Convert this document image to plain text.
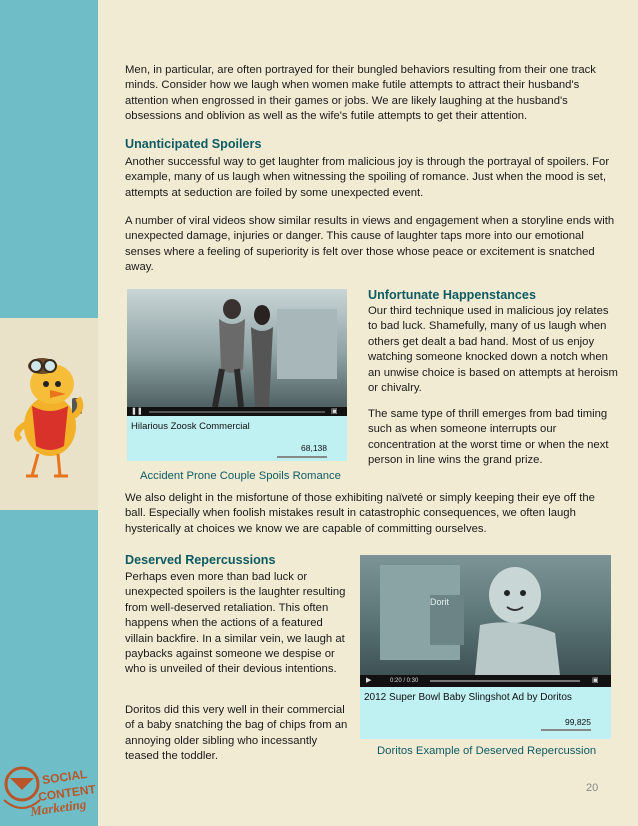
Men, in particular, are often portrayed for their bungled behaviors resulting from their one track minds. Consider how we laugh when women make futile attempts to attract their husband's attention when engrossed in their games or jobs. We are likely laughing at the husband's obsessions and oblivion as well as the wife's futile attempts to get their attention.

Unanticipated Spoilers

Another successful way to get laughter from malicious joy is through the portrayal of spoilers. For example, many of us laugh when witnessing the spoiling of romance. Just when the mood is set, attempts at seduction are foiled by some unexpected event.

A number of viral videos show similar results in views and engagement when a storyline ends with unexpected damage, injuries or danger. This cause of laughter taps more into our emotional senses where a feeling of superiority is felt over those whose peace or excitement is snatched away.

❚❚	▣
Hilarious Zoosk Commercial
68,138
Accident Prone Couple Spoils Romance
Unfortunate Happenstances

Our third technique used in malicious joy relates to bad luck. Shamefully, many of us laugh when others get dealt a bad hand. Most of us enjoy watching someone knocked down a notch when an unwise choice is based on attempts at heroism or chivalry.

The same type of thrill emerges from bad timing such as when someone interrupts our concentration at the worst time or when the next person in line wins the grand prize.

We also delight in the misfortune of those exhibiting naïveté or simply keeping their eye off the ball. Especially when foolish mistakes result in catastrophic consequences, we often laugh hysterically at choices we know we are capable of committing ourselves.

Deserved Repercussions

Perhaps even more than bad luck or unexpected spoilers is the laughter resulting from well-deserved retaliation. This often happens when the actions of a featured villain backfire. In a similar vein, we laugh at paybacks against someone we despise or who is unveiled of their devious intentions.

Doritos did this very well in their commercial of a baby snatching the bag of chips from an annoying older sibling who incessantly teased the toddler.

Dorit
▶	0:20 / 0:30	▣
2012 Super Bowl Baby Slingshot Ad by Doritos
99,825
Doritos Example of Deserved Repercussion
SOCIAL
CONTENT
Marketing
20
